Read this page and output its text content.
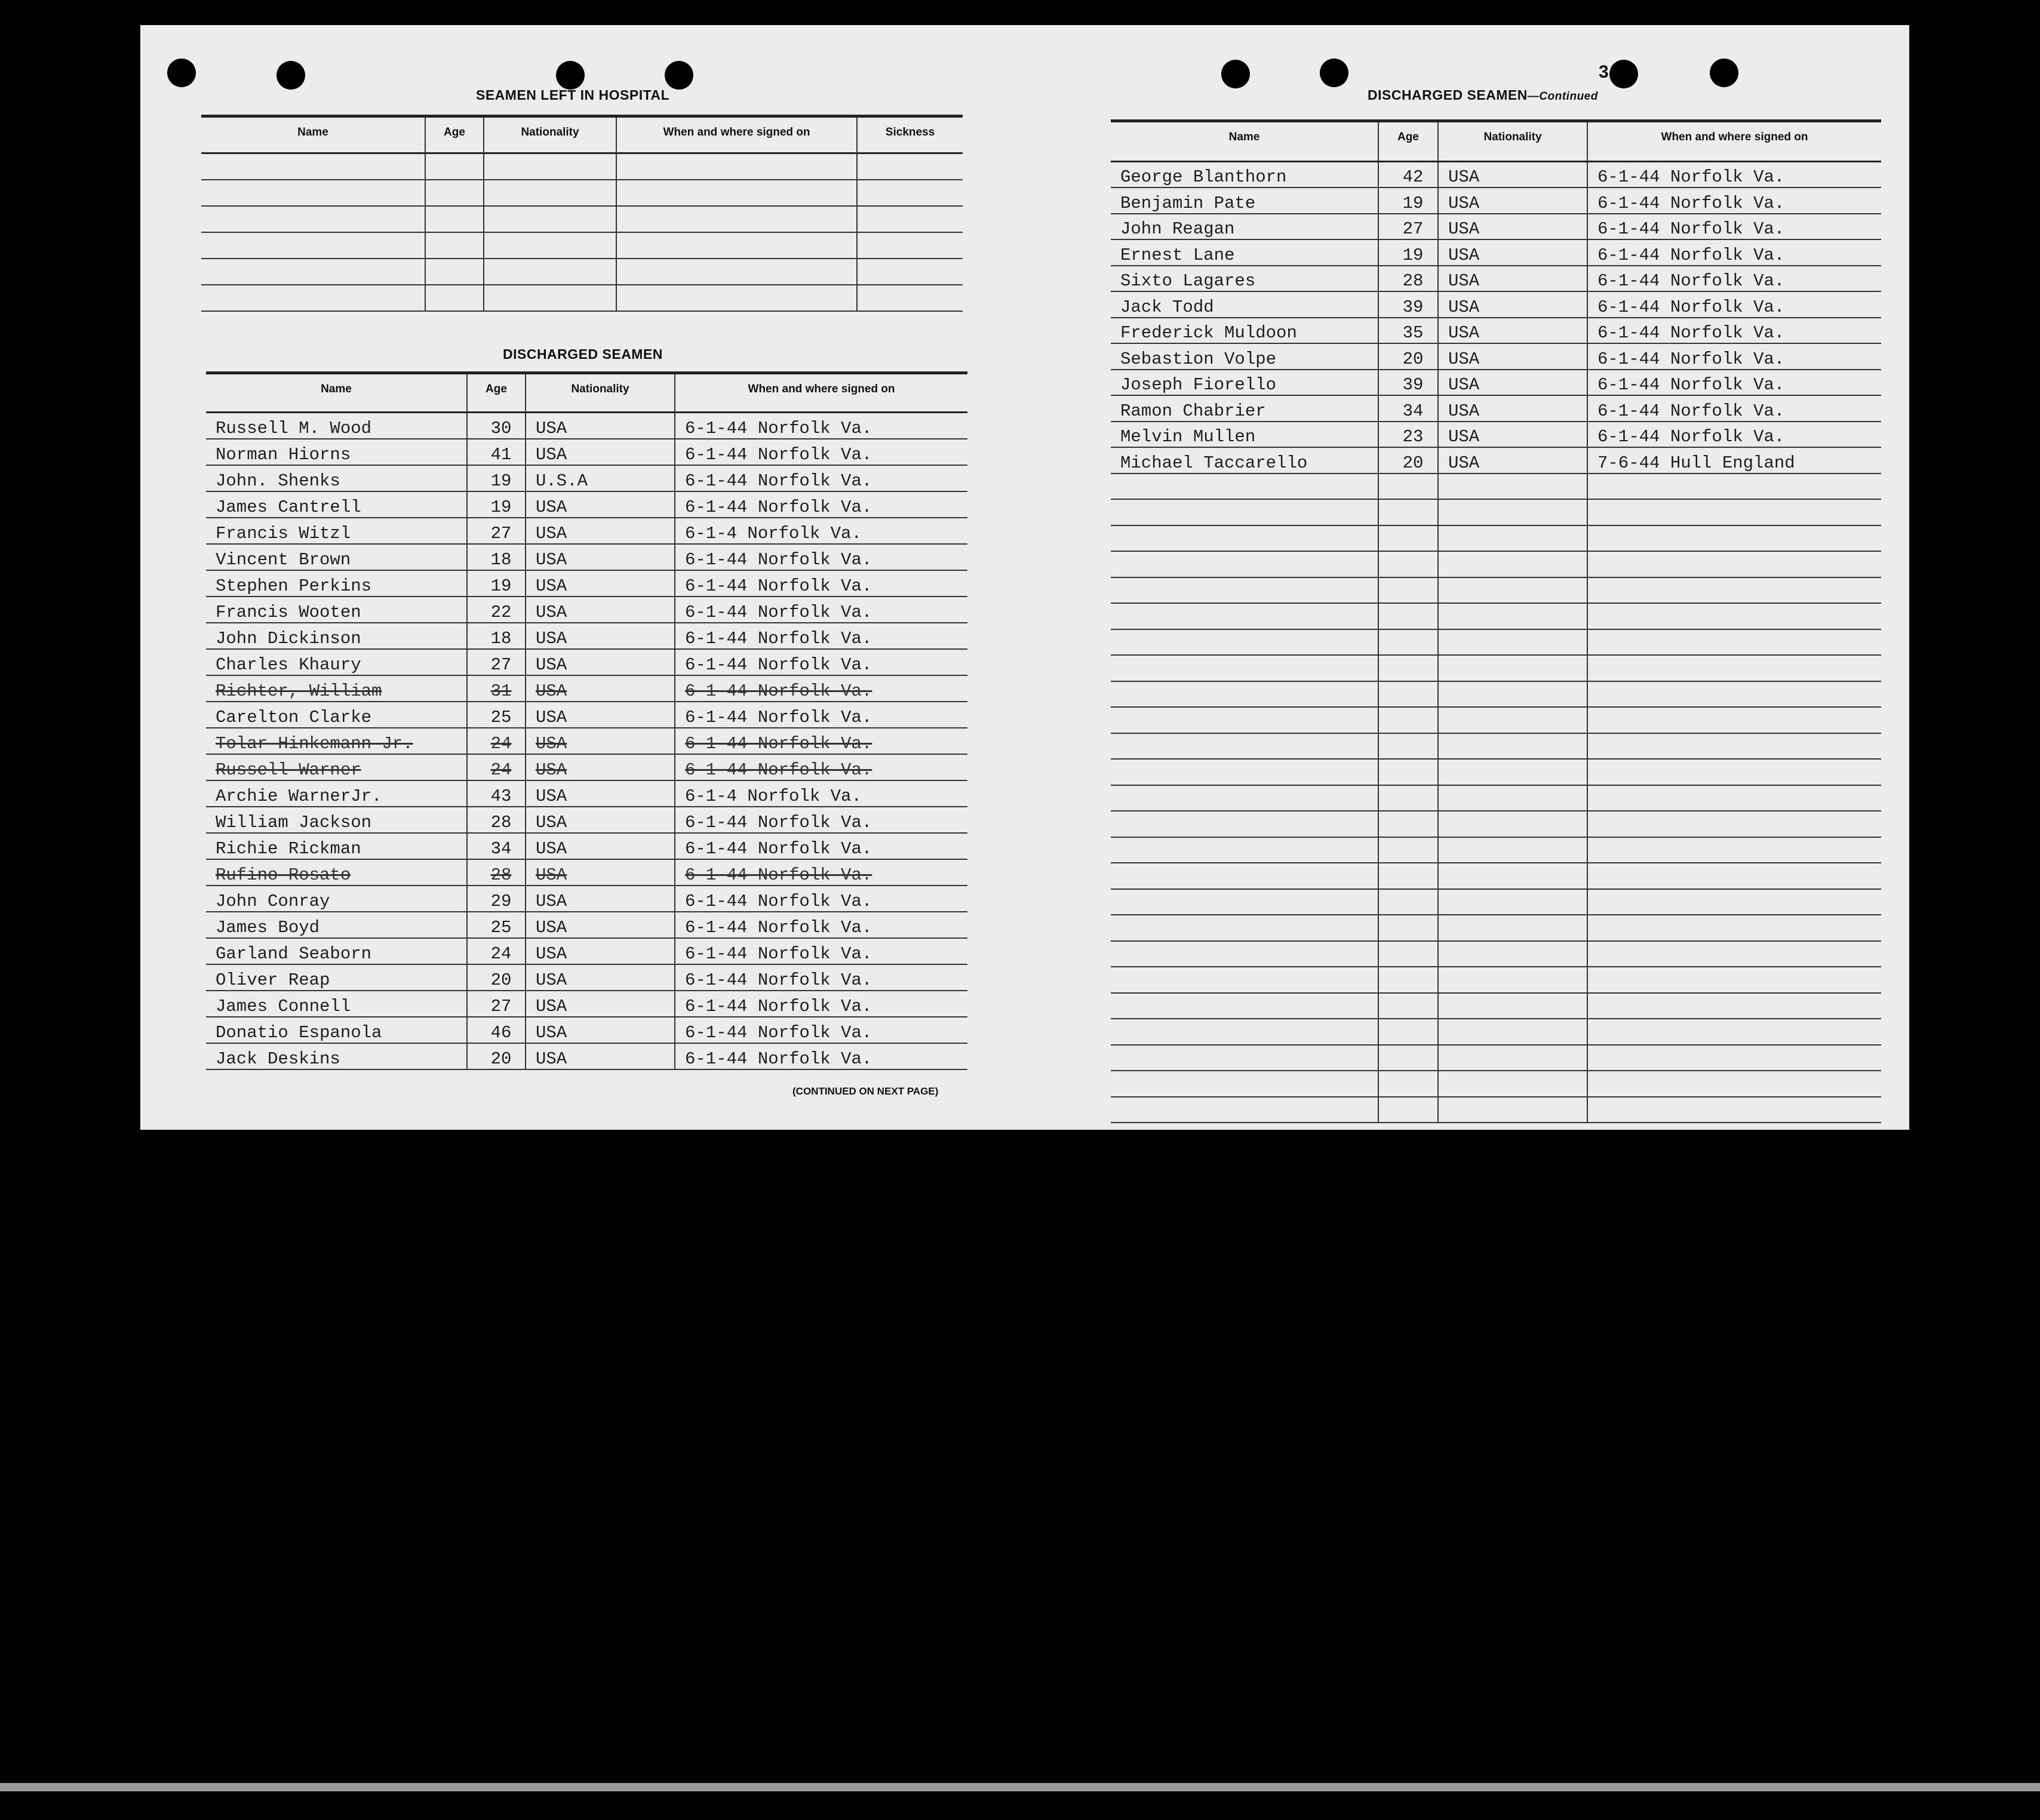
SEAMEN LEFT IN HOSPITAL
Name	Age	Nationality	When and where signed on	Sickness

DISCHARGED SEAMEN
Name	Age	Nationality	When and where signed on
Russell M. Wood	30	USA	6-1-44 Norfolk Va.
Norman Hiorns	41	USA	6-1-44 Norfolk Va.
John. Shenks	19	U.S.A	6-1-44 Norfolk Va.
James Cantrell	19	USA	6-1-44 Norfolk Va.
Francis Witzl	27	USA	6-1-4 Norfolk Va.
Vincent Brown	18	USA	6-1-44 Norfolk Va.
Stephen Perkins	19	USA	6-1-44 Norfolk Va.
Francis Wooten	22	USA	6-1-44 Norfolk Va.
John Dickinson	18	USA	6-1-44 Norfolk Va.
Charles Khaury	27	USA	6-1-44 Norfolk Va.
Richter, William	31	USA	6-1-44 Norfolk Va.
Carelton Clarke	25	USA	6-1-44 Norfolk Va.
Tolar Hinkemann Jr.	24	USA	6-1-44 Norfolk Va.
Russell Warner	24	USA	6-1-44 Norfolk Va.
Archie WarnerJr.	43	USA	6-1-4 Norfolk Va.
William Jackson	28	USA	6-1-44 Norfolk Va.
Richie Rickman	34	USA	6-1-44 Norfolk Va.
Rufino Rosato	28	USA	6-1-44 Norfolk Va.
John Conray	29	USA	6-1-44 Norfolk Va.
James Boyd	25	USA	6-1-44 Norfolk Va.
Garland Seaborn	24	USA	6-1-44 Norfolk Va.
Oliver Reap	20	USA	6-1-44 Norfolk Va.
James Connell	27	USA	6-1-44 Norfolk Va.
Donatio Espanola	46	USA	6-1-44 Norfolk Va.
Jack Deskins	20	USA	6-1-44 Norfolk Va.
(CONTINUED ON NEXT PAGE)
3
DISCHARGED SEAMEN—Continued
Name	Age	Nationality	When and where signed on
George Blanthorn	42	USA	6-1-44 Norfolk Va.
Benjamin Pate	19	USA	6-1-44 Norfolk Va.
John Reagan	27	USA	6-1-44 Norfolk Va.
Ernest Lane	19	USA	6-1-44 Norfolk Va.
Sixto Lagares	28	USA	6-1-44 Norfolk Va.
Jack Todd	39	USA	6-1-44 Norfolk Va.
Frederick Muldoon	35	USA	6-1-44 Norfolk Va.
Sebastion Volpe	20	USA	6-1-44 Norfolk Va.
Joseph Fiorello	39	USA	6-1-44 Norfolk Va.
Ramon Chabrier	34	USA	6-1-44 Norfolk Va.
Melvin Mullen	23	USA	6-1-44 Norfolk Va.
Michael Taccarello	20	USA	7-6-44 Hull England
